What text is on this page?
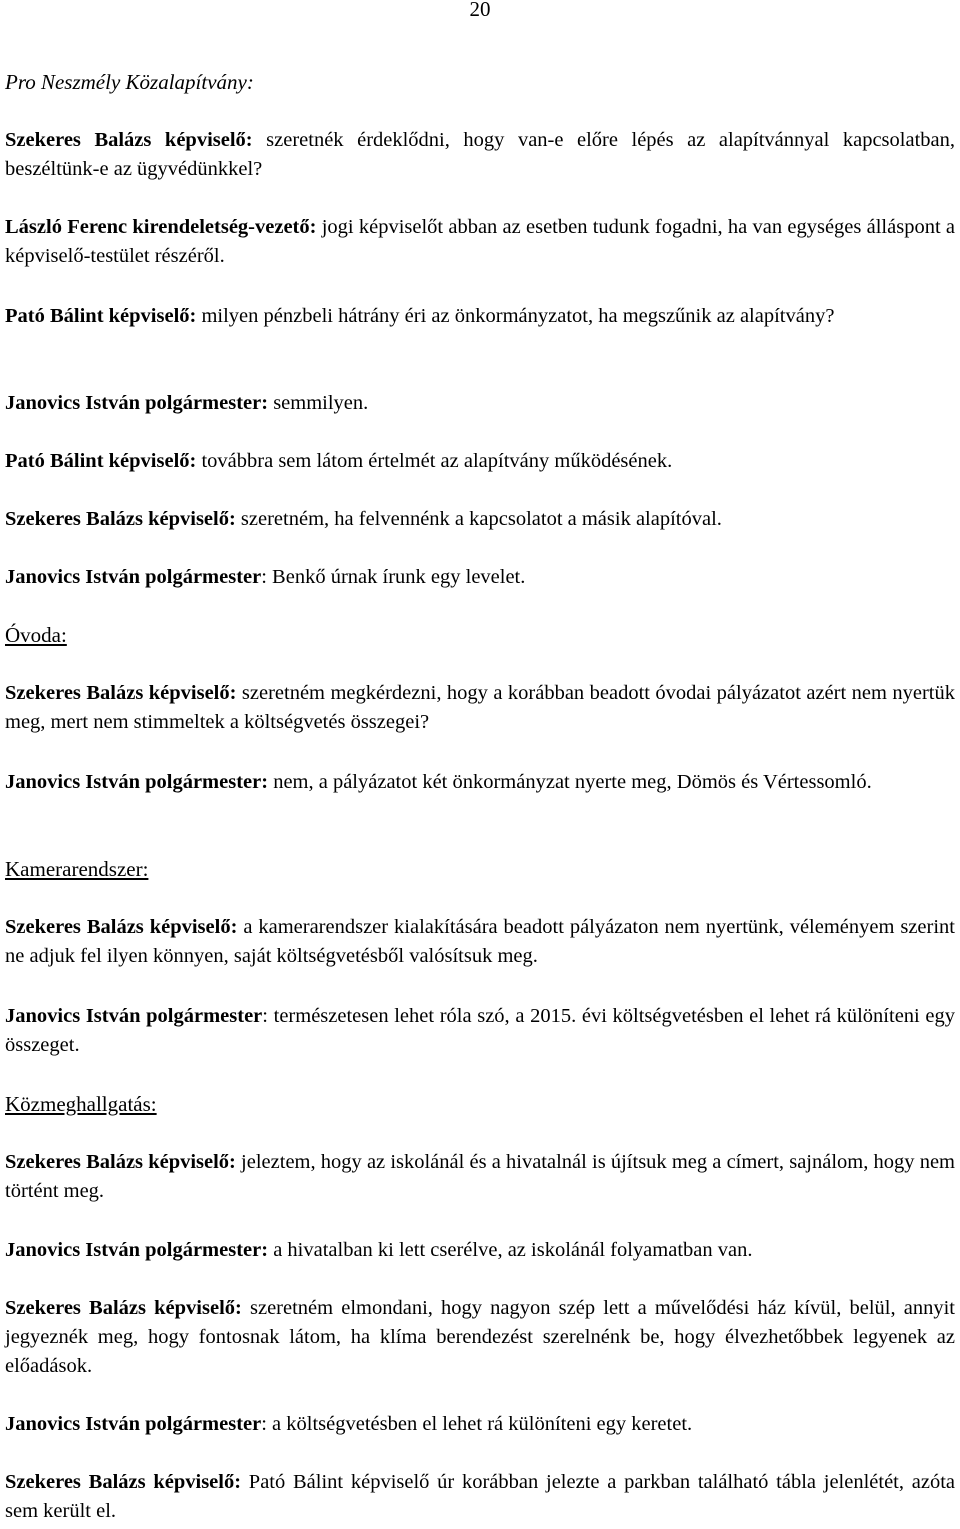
20

Pro Neszmély Közalapítvány:

Szekeres Balázs képviselő: szeretnék érdeklődni, hogy van-e előre lépés az alapítvánnyal kapcsolatban, beszéltünk-e az ügyvédünkkel?

László Ferenc kirendeletség-vezető: jogi képviselőt abban az esetben tudunk fogadni, ha van egységes álláspont a képviselő-testület részéről.

Pató Bálint képviselő: milyen pénzbeli hátrány éri az önkormányzatot, ha megszűnik az alapítvány?

Janovics István polgármester: semmilyen.

Pató Bálint képviselő: továbbra sem látom értelmét az alapítvány működésének.

Szekeres Balázs képviselő: szeretném, ha felvennénk a kapcsolatot a másik alapítóval.

Janovics István polgármester: Benkő úrnak írunk egy levelet.

Óvoda:

Szekeres Balázs képviselő: szeretném megkérdezni, hogy a korábban beadott óvodai pályázatot azért nem nyertük meg, mert nem stimmeltek a költségvetés összegei?

Janovics István polgármester: nem, a pályázatot két önkormányzat nyerte meg, Dömös és Vértessomló.

Kamerarendszer:

Szekeres Balázs képviselő: a kamerarendszer kialakítására beadott pályázaton nem nyertünk, véleményem szerint ne adjuk fel ilyen könnyen, saját költségvetésből valósítsuk meg.

Janovics István polgármester: természetesen lehet róla szó, a 2015. évi költségvetésben el lehet rá különíteni egy összeget.

Közmeghallgatás:

Szekeres Balázs képviselő: jeleztem, hogy az iskolánál és a hivatalnál is újítsuk meg a címert, sajnálom, hogy nem történt meg.

Janovics István polgármester: a hivatalban ki lett cserélve, az iskolánál folyamatban van.

Szekeres Balázs képviselő: szeretném elmondani, hogy nagyon szép lett a művelődési ház kívül, belül, annyit jegyeznék meg, hogy fontosnak látom, ha klíma berendezést szerelnénk be, hogy élvezhetőbbek legyenek az előadások.

Janovics István polgármester: a költségvetésben el lehet rá különíteni egy keretet.

Szekeres Balázs képviselő: Pató Bálint képviselő úr korábban jelezte a parkban található tábla jelenlétét, azóta sem került el.
